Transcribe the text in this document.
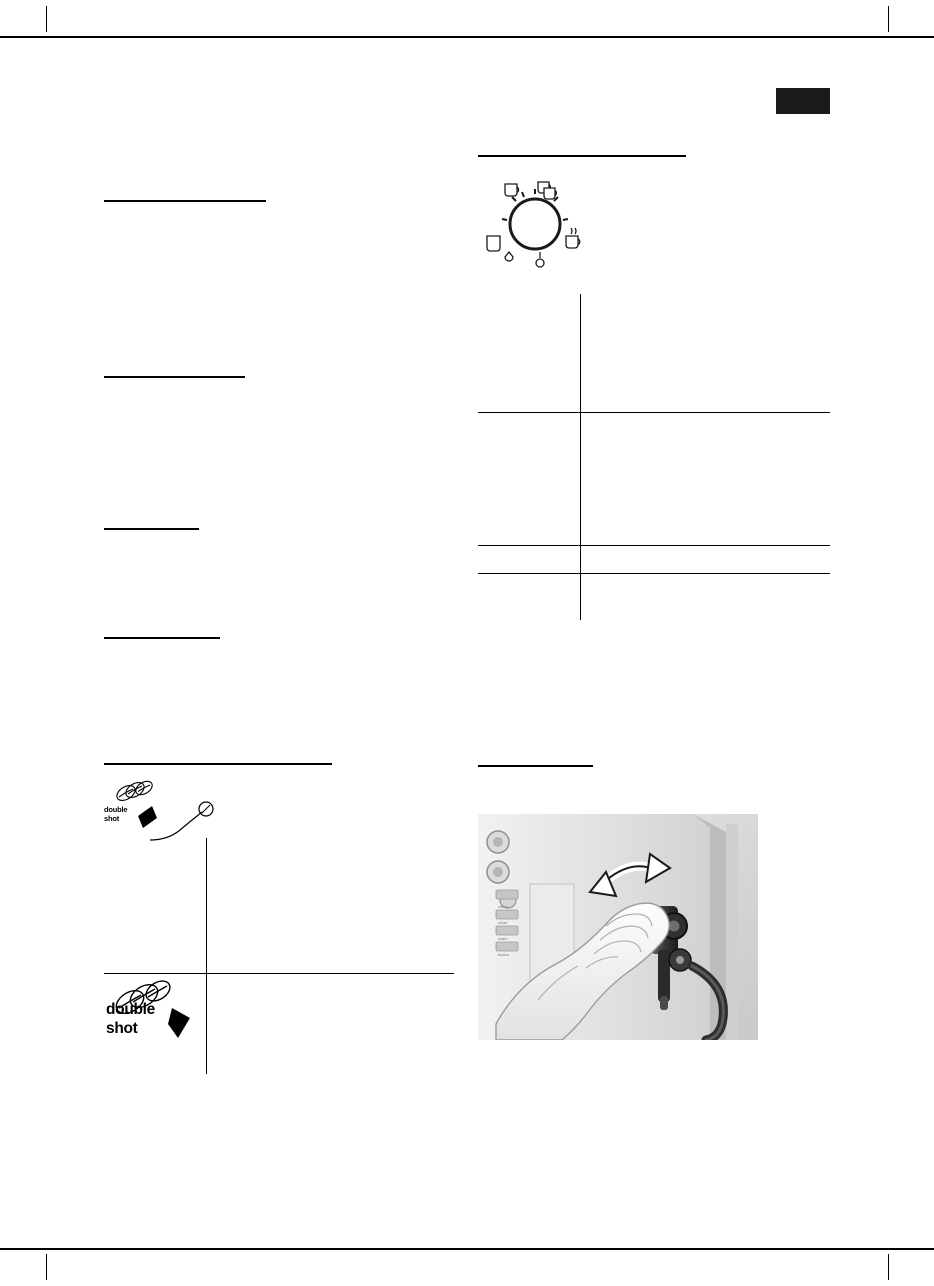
double
shot
double
shot
calc'n
clean
water
beans
